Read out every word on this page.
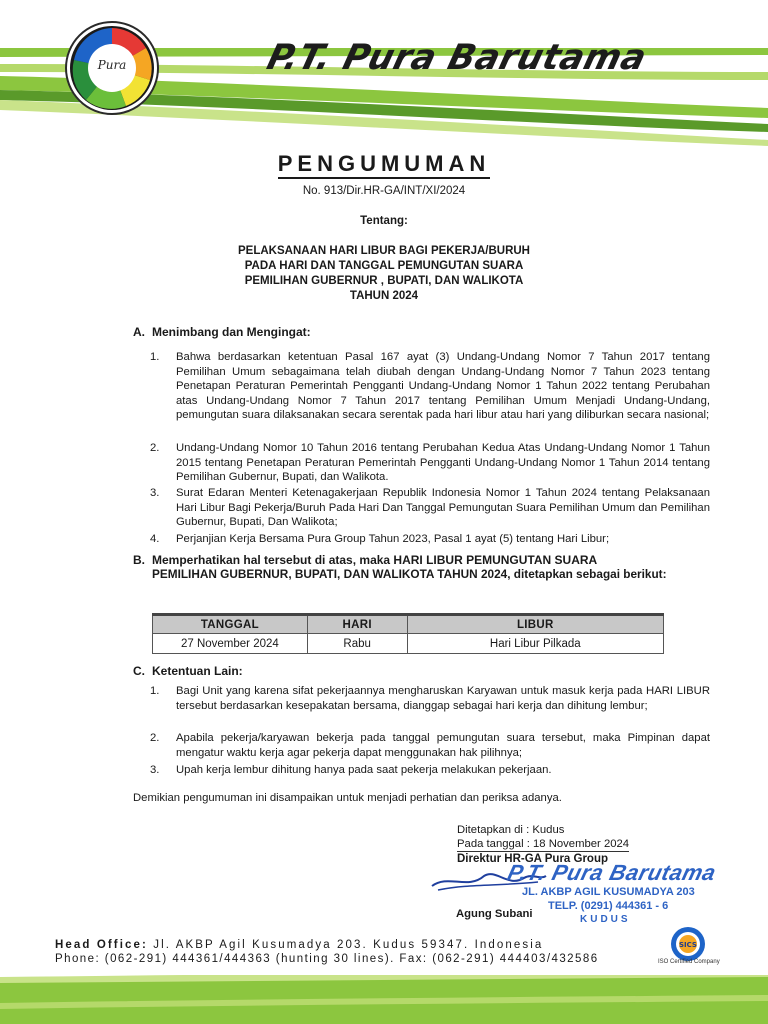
Pura	P.T. Pura Barutama
PENGUMUMAN
No. 913/Dir.HR-GA/INT/XI/2024
Tentang:
PELAKSANAAN HARI LIBUR BAGI PEKERJA/BURUH
PADA HARI DAN TANGGAL PEMUNGUTAN SUARA
PEMILIHAN GUBERNUR , BUPATI, DAN WALIKOTA
TAHUN 2024
A. Menimbang dan Mengingat:
1.	Bahwa berdasarkan ketentuan Pasal 167 ayat (3) Undang-Undang Nomor 7 Tahun 2017 tentang Pemilihan Umum sebagaimana telah diubah dengan Undang-Undang Nomor 7 Tahun 2023 tentang Penetapan Peraturan Pemerintah Pengganti Undang-Undang Nomor 1 Tahun 2022 tentang Perubahan atas Undang-Undang Nomor 7 Tahun 2017 tentang Pemilihan Umum Menjadi Undang-Undang, pemungutan suara dilaksanakan secara serentak pada hari libur atau hari yang diliburkan secara nasional;
2.	Undang-Undang Nomor 10 Tahun 2016 tentang Perubahan Kedua Atas Undang-Undang Nomor 1 Tahun 2015 tentang Penetapan Peraturan Pemerintah Pengganti Undang-Undang Nomor 1 Tahun 2014 tentang Pemilihan Gubernur, Bupati, dan Walikota.
3.	Surat Edaran Menteri Ketenagakerjaan Republik Indonesia Nomor 1 Tahun 2024 tentang Pelaksanaan Hari Libur Bagi Pekerja/Buruh Pada Hari Dan Tanggal Pemungutan Suara Pemilihan Umum dan Pemilihan Gubernur, Bupati, Dan Walikota;
4.	Perjanjian Kerja Bersama Pura Group Tahun 2023, Pasal 1 ayat (5) tentang Hari Libur;
B. Memperhatikan hal tersebut di atas, maka HARI LIBUR PEMUNGUTAN SUARA
PEMILIHAN GUBERNUR, BUPATI, DAN WALIKOTA TAHUN 2024, ditetapkan sebagai berikut:
TANGGAL	HARI	LIBUR
27 November 2024	Rabu	Hari Libur Pilkada
C. Ketentuan Lain:
1.	Bagi Unit yang karena sifat pekerjaannya mengharuskan Karyawan untuk masuk kerja pada HARI LIBUR tersebut berdasarkan kesepakatan bersama, dianggap sebagai hari kerja dan dihitung lembur;
2.	Apabila pekerja/karyawan bekerja pada tanggal pemungutan suara tersebut, maka Pimpinan dapat mengatur waktu kerja agar pekerja dapat menggunakan hak pilihnya;
3.	Upah kerja lembur dihitung hanya pada saat pekerja melakukan pekerjaan.
Demikian pengumuman ini disampaikan untuk menjadi perhatian dan periksa adanya.
Ditetapkan di : Kudus
Pada tanggal : 18 November 2024
Direktur HR-GA Pura Group
P.T. Pura Barutama
JL. AKBP AGIL KUSUMADYA 203
TELP. (0291) 444361 - 6
KUDUS
Agung Subani
Head Office: Jl. AKBP Agil Kusumadya 203. Kudus 59347. Indonesia
Phone: (062-291) 444361/444363 (hunting 30 lines). Fax: (062-291) 444403/432586
SICS
ISO Certified Company
